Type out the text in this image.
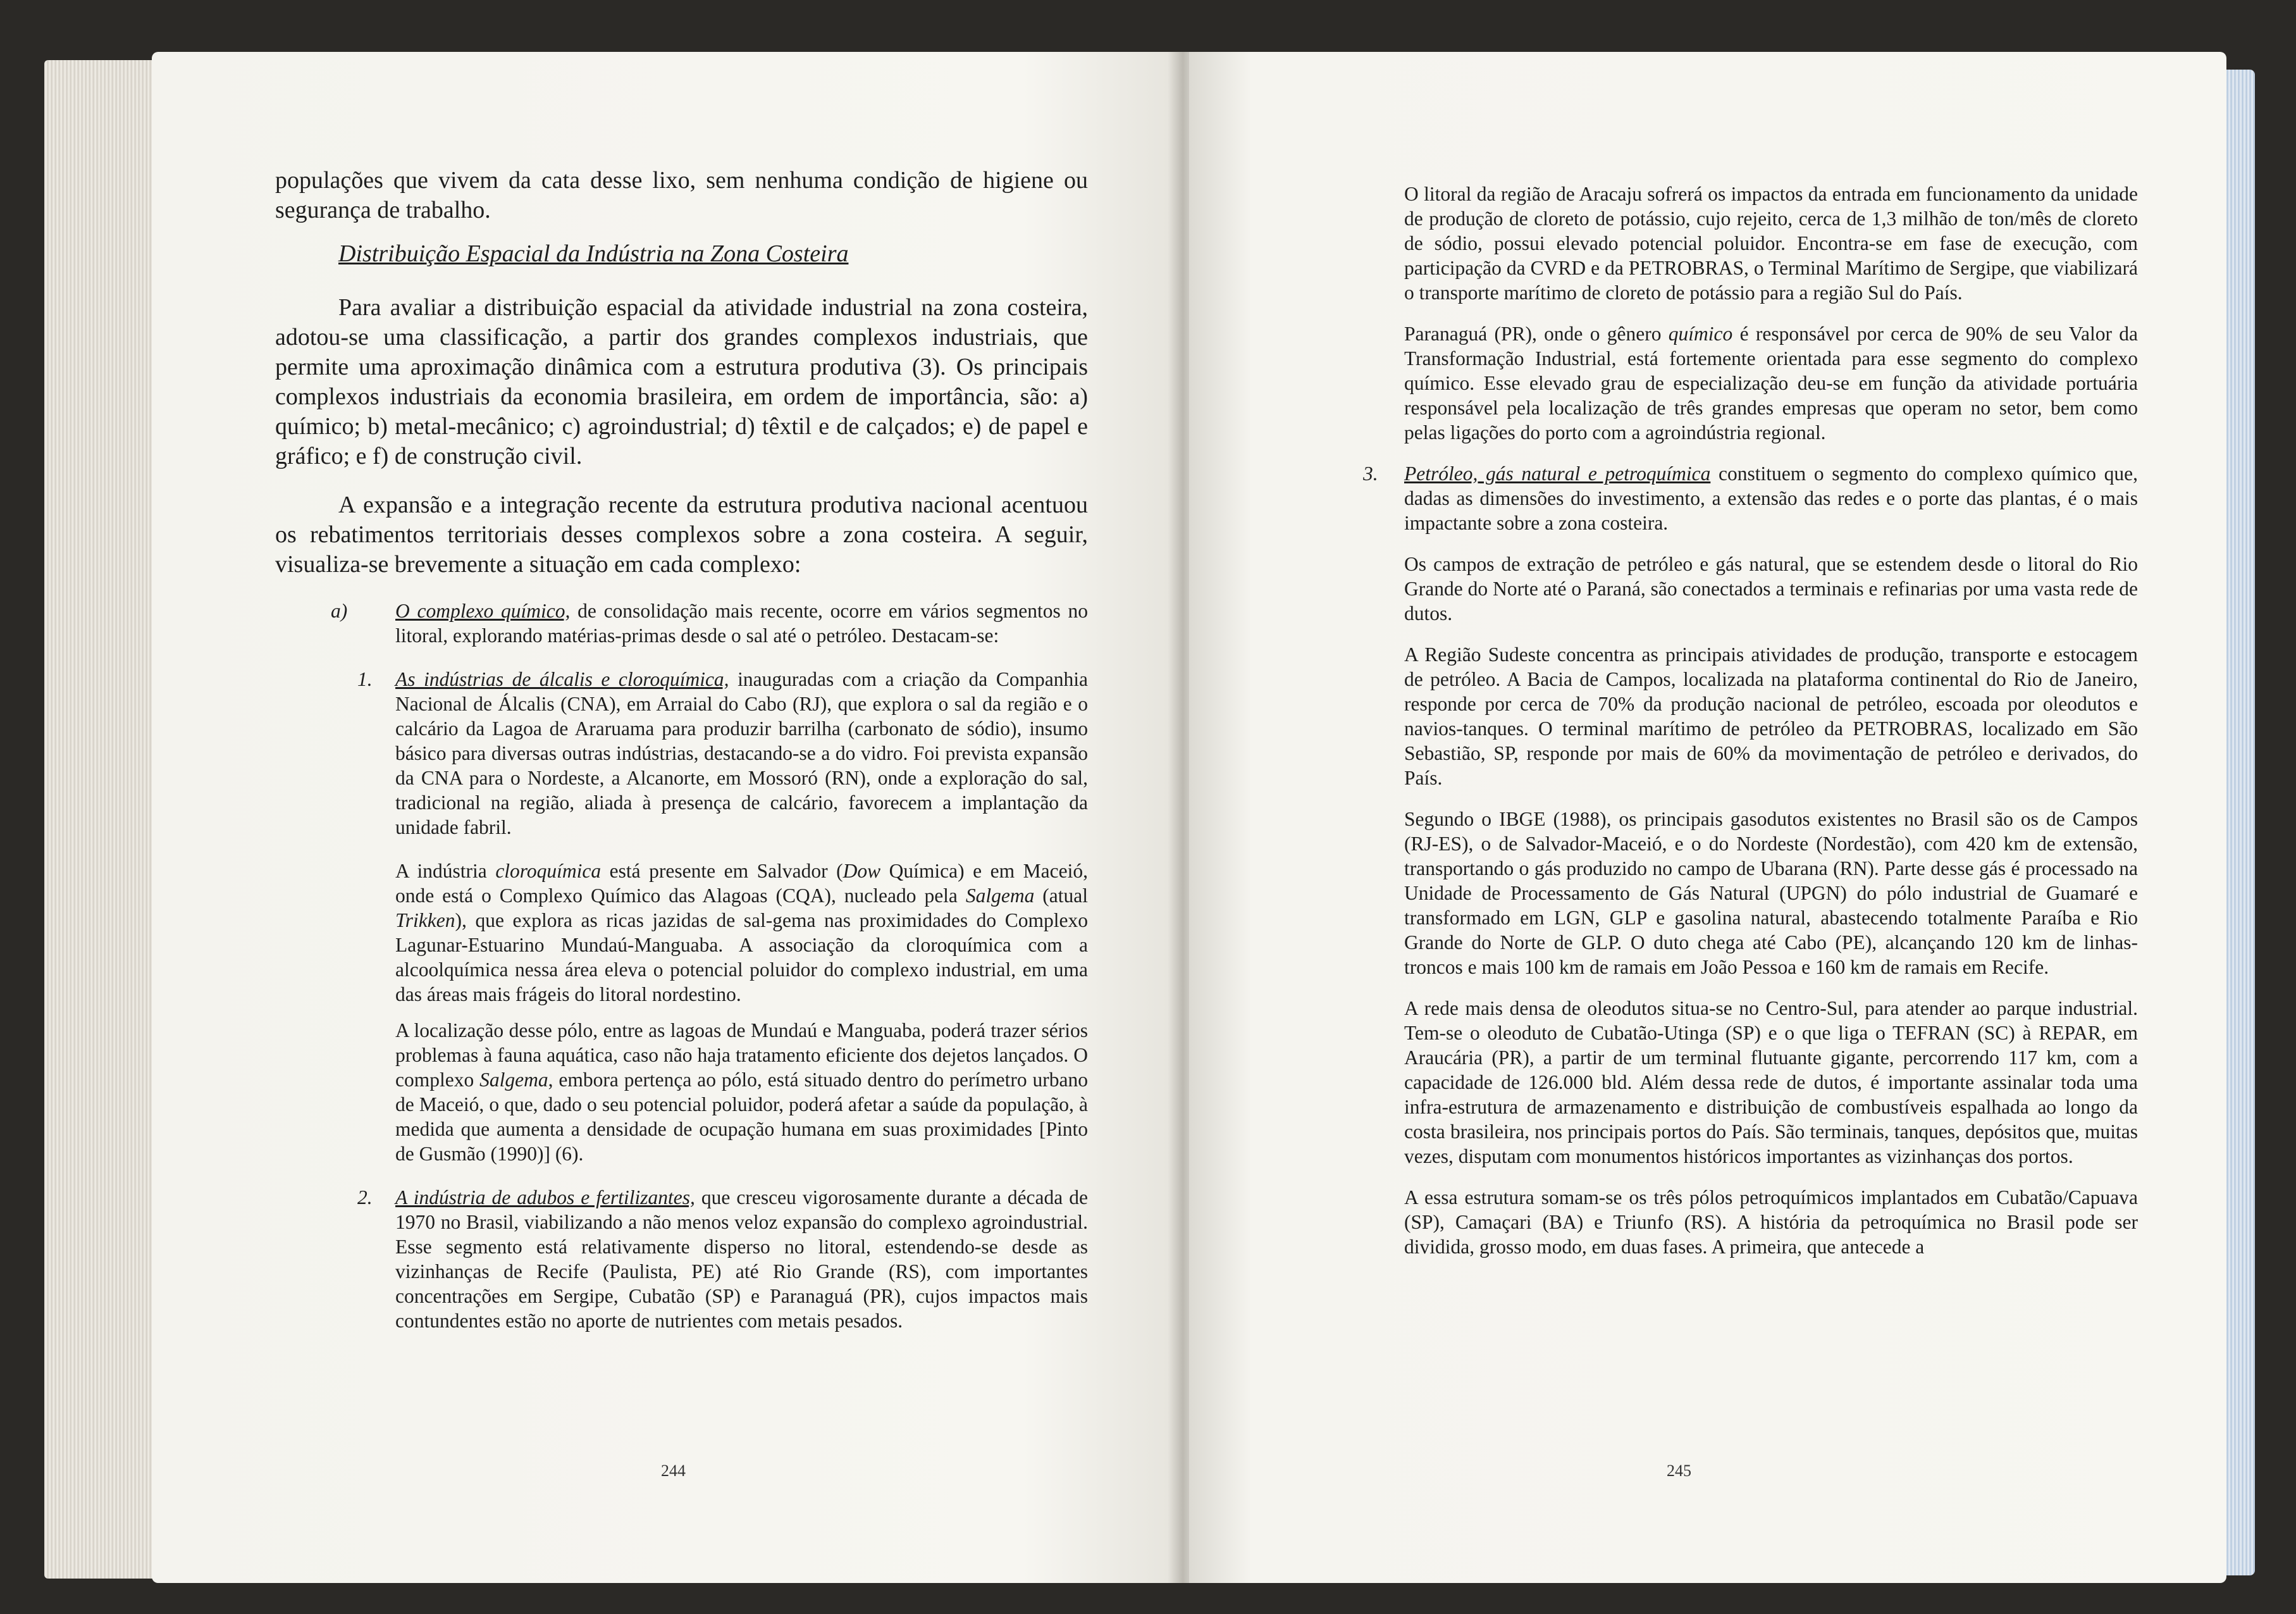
populações que vivem da cata desse lixo, sem nenhuma condição de higiene ou segurança de trabalho.

Distribuição Espacial da Indústria na Zona Costeira

Para avaliar a distribuição espacial da atividade industrial na zona costeira, adotou-se uma classificação, a partir dos grandes complexos industriais, que permite uma aproximação dinâmica com a estrutura produtiva (3). Os principais complexos industriais da economia brasileira, em ordem de importância, são: a) químico; b) metal-mecânico; c) agroindustrial; d) têxtil e de calçados; e) de papel e gráfico; e f) de construção civil.

A expansão e a integração recente da estrutura produtiva nacional acentuou os rebatimentos territoriais desses complexos sobre a zona costeira. A seguir, visualiza-se brevemente a situação em cada complexo:

a) O complexo químico, de consolidação mais recente, ocorre em vários segmentos no litoral, explorando matérias-primas desde o sal até o petróleo. Destacam-se:

1. As indústrias de álcalis e cloroquímica, inauguradas com a criação da Companhia Nacional de Álcalis (CNA), em Arraial do Cabo (RJ), que explora o sal da região e o calcário da Lagoa de Araruama para produzir barrilha (carbonato de sódio), insumo básico para diversas outras indústrias, destacando-se a do vidro. Foi prevista expansão da CNA para o Nordeste, a Alcanorte, em Mossoró (RN), onde a exploração do sal, tradicional na região, aliada à presença de calcário, favorecem a implantação da unidade fabril.

A indústria cloroquímica está presente em Salvador (Dow Química) e em Maceió, onde está o Complexo Químico das Alagoas (CQA), nucleado pela Salgema (atual Trikken), que explora as ricas jazidas de sal-gema nas proximidades do Complexo Lagunar-Estuarino Mundaú-Manguaba. A associação da cloroquímica com a alcoolquímica nessa área eleva o potencial poluidor do complexo industrial, em uma das áreas mais frágeis do litoral nordestino.

A localização desse pólo, entre as lagoas de Mundaú e Manguaba, poderá trazer sérios problemas à fauna aquática, caso não haja tratamento eficiente dos dejetos lançados. O complexo Salgema, embora pertença ao pólo, está situado dentro do perímetro urbano de Maceió, o que, dado o seu potencial poluidor, poderá afetar a saúde da população, à medida que aumenta a densidade de ocupação humana em suas proximidades [Pinto de Gusmão (1990)] (6).

2. A indústria de adubos e fertilizantes, que cresceu vigorosamente durante a década de 1970 no Brasil, viabilizando a não menos veloz expansão do complexo agroindustrial. Esse segmento está relativamente disperso no litoral, estendendo-se desde as vizinhanças de Recife (Paulista, PE) até Rio Grande (RS), com importantes concentrações em Sergipe, Cubatão (SP) e Paranaguá (PR), cujos impactos mais contundentes estão no aporte de nutrientes com metais pesados.

244

O litoral da região de Aracaju sofrerá os impactos da entrada em funcionamento da unidade de produção de cloreto de potássio, cujo rejeito, cerca de 1,3 milhão de ton/mês de cloreto de sódio, possui elevado potencial poluidor. Encontra-se em fase de execução, com participação da CVRD e da PETROBRAS, o Terminal Marítimo de Sergipe, que viabilizará o transporte marítimo de cloreto de potássio para a região Sul do País.

Paranaguá (PR), onde o gênero químico é responsável por cerca de 90% de seu Valor da Transformação Industrial, está fortemente orientada para esse segmento do complexo químico. Esse elevado grau de especialização deu-se em função da atividade portuária responsável pela localização de três grandes empresas que operam no setor, bem como pelas ligações do porto com a agroindústria regional.

3. Petróleo, gás natural e petroquímica constituem o segmento do complexo químico que, dadas as dimensões do investimento, a extensão das redes e o porte das plantas, é o mais impactante sobre a zona costeira.

Os campos de extração de petróleo e gás natural, que se estendem desde o litoral do Rio Grande do Norte até o Paraná, são conectados a terminais e refinarias por uma vasta rede de dutos.

A Região Sudeste concentra as principais atividades de produção, transporte e estocagem de petróleo. A Bacia de Campos, localizada na plataforma continental do Rio de Janeiro, responde por cerca de 70% da produção nacional de petróleo, escoada por oleodutos e navios-tanques. O terminal marítimo de petróleo da PETROBRAS, localizado em São Sebastião, SP, responde por mais de 60% da movimentação de petróleo e derivados, do País.

Segundo o IBGE (1988), os principais gasodutos existentes no Brasil são os de Campos (RJ-ES), o de Salvador-Maceió, e o do Nordeste (Nordestão), com 420 km de extensão, transportando o gás produzido no campo de Ubarana (RN). Parte desse gás é processado na Unidade de Processamento de Gás Natural (UPGN) do pólo industrial de Guamaré e transformado em LGN, GLP e gasolina natural, abastecendo totalmente Paraíba e Rio Grande do Norte de GLP. O duto chega até Cabo (PE), alcançando 120 km de linhas-troncos e mais 100 km de ramais em João Pessoa e 160 km de ramais em Recife.

A rede mais densa de oleodutos situa-se no Centro-Sul, para atender ao parque industrial. Tem-se o oleoduto de Cubatão-Utinga (SP) e o que liga o TEFRAN (SC) à REPAR, em Araucária (PR), a partir de um terminal flutuante gigante, percorrendo 117 km, com a capacidade de 126.000 bld. Além dessa rede de dutos, é importante assinalar toda uma infra-estrutura de armazenamento e distribuição de combustíveis espalhada ao longo da costa brasileira, nos principais portos do País. São terminais, tanques, depósitos que, muitas vezes, disputam com monumentos históricos importantes as vizinhanças dos portos.

A essa estrutura somam-se os três pólos petroquímicos implantados em Cubatão/Capuava (SP), Camaçari (BA) e Triunfo (RS). A história da petroquímica no Brasil pode ser dividida, grosso modo, em duas fases. A primeira, que antecede a

245
